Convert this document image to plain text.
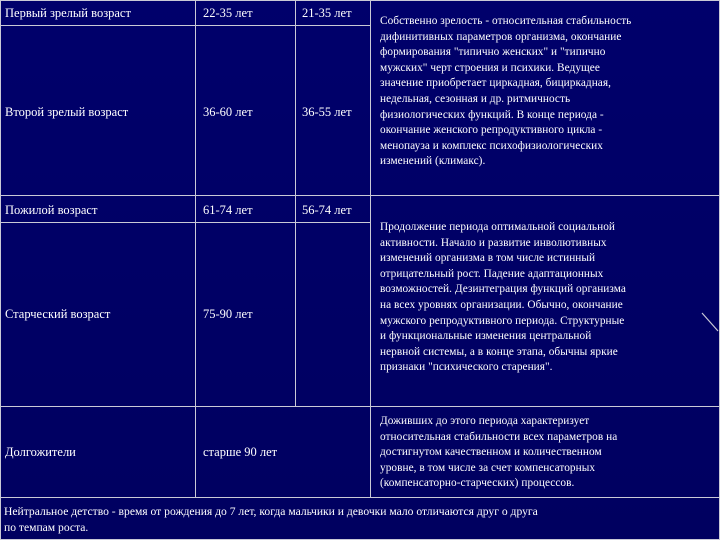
Первый зрелый возраст	22-35 лет	21-35 лет
Второй зрелый возраст	36-60 лет	36-55 лет
Пожилой возраст	61-74 лет	56-74 лет
Старческий возраст	75-90 лет
Долгожители	старше 90 лет
Собственно зрелость - относительная стабильность
дифинитивных параметров организма, окончание
формирования "типично женских" и "типично
мужских" черт строения и психики. Ведущее
значение приобретает циркадная, бициркадная,
недельная, сезонная и др. ритмичность
физиологических функций. В конце периода -
окончание женского репродуктивного цикла -
менопауза и комплекс психофизиологических
изменений (климакс).
Продолжение периода оптимальной социальной
активности. Начало и развитие инволютивных
изменений организма в том числе истинный
отрицательный рост. Падение адаптационных
возможностей. Дезинтеграция функций организма
на всех уровнях организации. Обычно, окончание
мужского репродуктивного периода. Структурные
и функциональные изменения центральной
нервной системы, а в конце этапа, обычны яркие
признаки "психического старения".
Доживших до этого периода характеризует
относительная стабильности всех параметров на
достигнутом качественном и количественном
уровне, в том числе за счет компенсаторных
(компенсаторно-старческих) процессов.
Нейтральное детство - время от рождения до 7 лет, когда мальчики и девочки мало отличаются друг о друга
по темпам роста.
